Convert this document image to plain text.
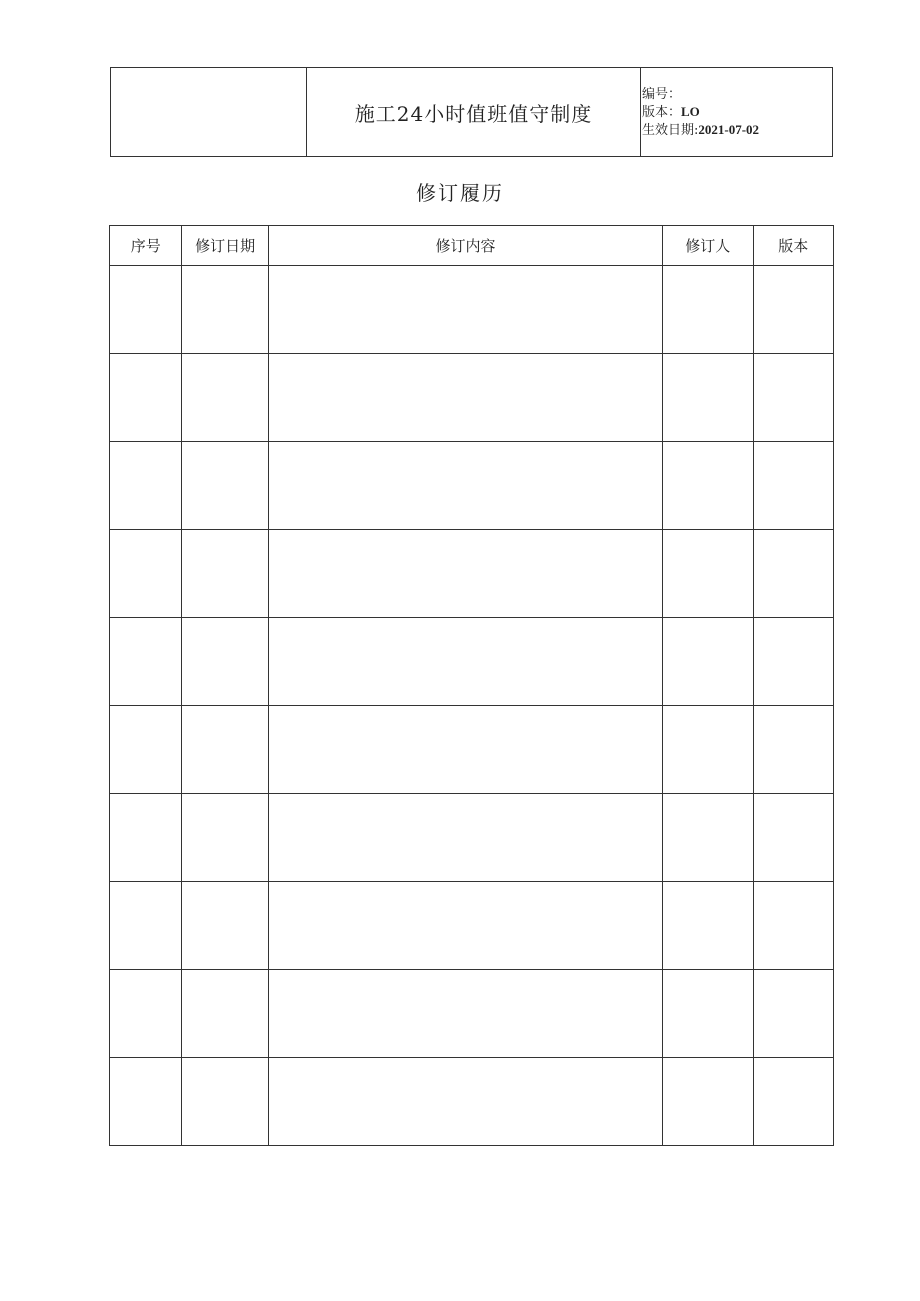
	施工24小时值班值守制度	
编号：
版本：LO
生效日期:2021-07-02
修订履历
序号	修订日期	修订内容	修订人	版本
